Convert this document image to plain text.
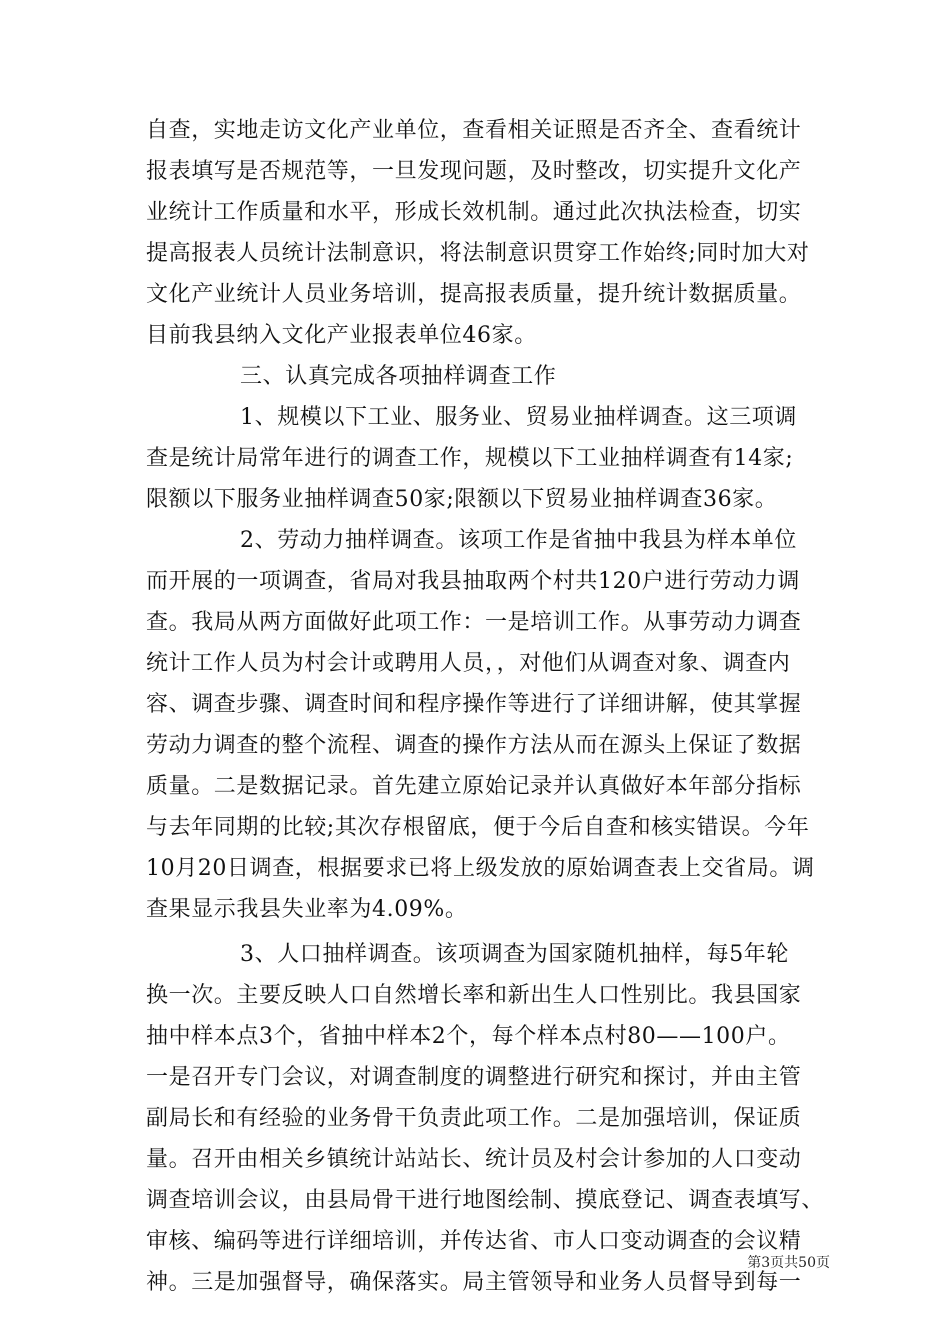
自查，实地走访文化产业单位，查看相关证照是否齐全、查看统计
报表填写是否规范等，一旦发现问题，及时整改，切实提升文化产
业统计工作质量和水平，形成长效机制。通过此次执法检查，切实
提高报表人员统计法制意识，将法制意识贯穿工作始终;同时加大对
文化产业统计人员业务培训，提高报表质量，提升统计数据质量。
目前我县纳入文化产业报表单位46家。
三、认真完成各项抽样调查工作
1、规模以下工业、服务业、贸易业抽样调查。这三项调
查是统计局常年进行的调查工作，规模以下工业抽样调查有14家;
限额以下服务业抽样调查50家;限额以下贸易业抽样调查36家。
2、劳动力抽样调查。该项工作是省抽中我县为样本单位
而开展的一项调查，省局对我县抽取两个村共120户进行劳动力调
查。我局从两方面做好此项工作：一是培训工作。从事劳动力调查
统计工作人员为村会计或聘用人员，，对他们从调查对象、调查内
容、调查步骤、调查时间和程序操作等进行了详细讲解，使其掌握
劳动力调查的整个流程、调查的操作方法从而在源头上保证了数据
质量。二是数据记录。首先建立原始记录并认真做好本年部分指标
与去年同期的比较;其次存根留底，便于今后自查和核实错误。今年
10月20日调查，根据要求已将上级发放的原始调查表上交省局。调
查果显示我县失业率为4.09%。
3、人口抽样调查。该项调查为国家随机抽样，每5年轮
换一次。主要反映人口自然增长率和新出生人口性别比。我县国家
抽中样本点3个，省抽中样本2个，每个样本点村80——100户。
一是召开专门会议，对调查制度的调整进行研究和探讨，并由主管
副局长和有经验的业务骨干负责此项工作。二是加强培训，保证质
量。召开由相关乡镇统计站站长、统计员及村会计参加的人口变动
调查培训会议，由县局骨干进行地图绘制、摸底登记、调查表填写、
审核、编码等进行详细培训，并传达省、市人口变动调查的会议精
神。三是加强督导，确保落实。局主管领导和业务人员督导到每一
第3页共50页
